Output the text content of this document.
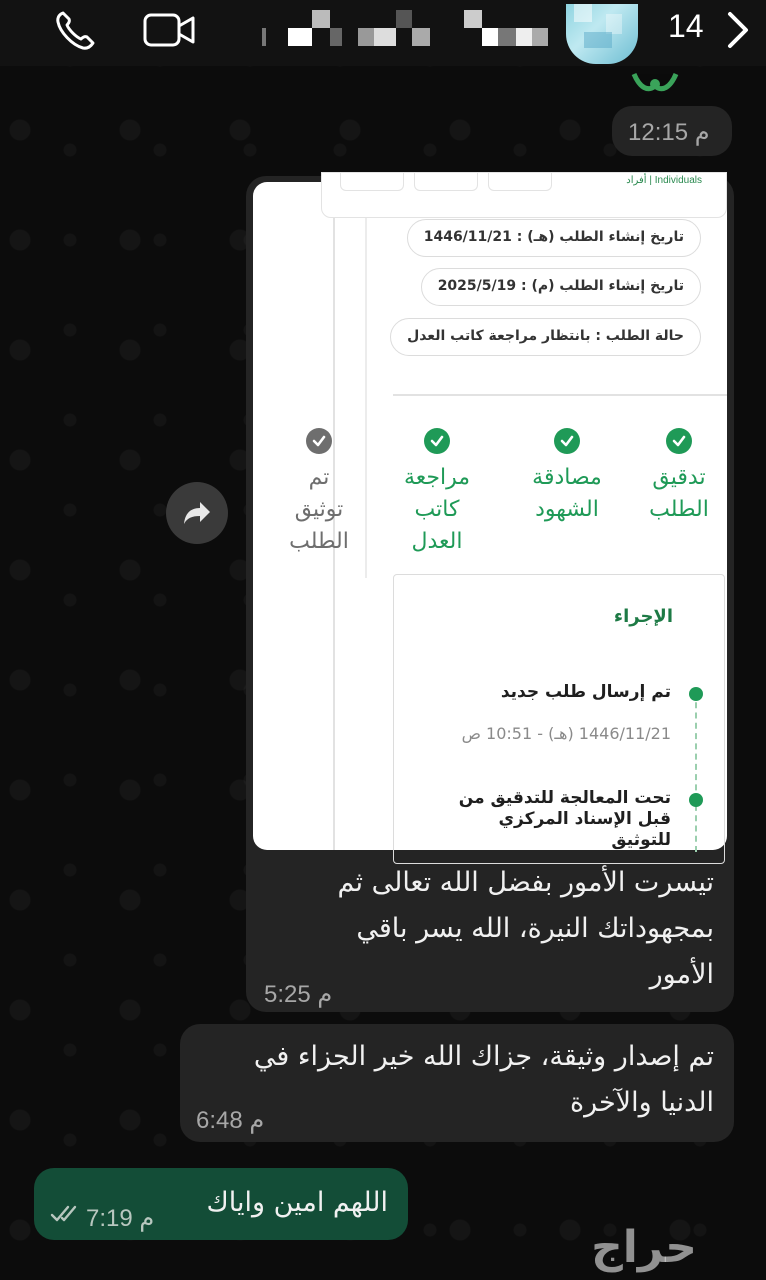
14
12:15 م
أفراد | Individuals
تاريخ إنشاء الطلب (هـ) : 1446/11/21
تاريخ إنشاء الطلب (م) : 2025/5/19
حالة الطلب : بانتظار مراجعة كاتب العدل
تدقيق
الطلب
مصادقة
الشهود
مراجعة
كاتب
العدل
تم
توثيق
الطلب
الإجراء
تم إرسال طلب جديد
1446/11/21 (هـ) - 10:51 ص
تحت المعالجة للتدقيق من
قبل الإسناد المركزي
للتوثيق
تيسرت الأمور بفضل الله تعالى ثم
بمجهوداتك النيرة، الله يسر باقي
الأمور
5:25 م
تم إصدار وثيقة، جزاك الله خير الجزاء في
الدنيا والآخرة
6:48 م
اللهم امين واياك
7:19 م
حراج
